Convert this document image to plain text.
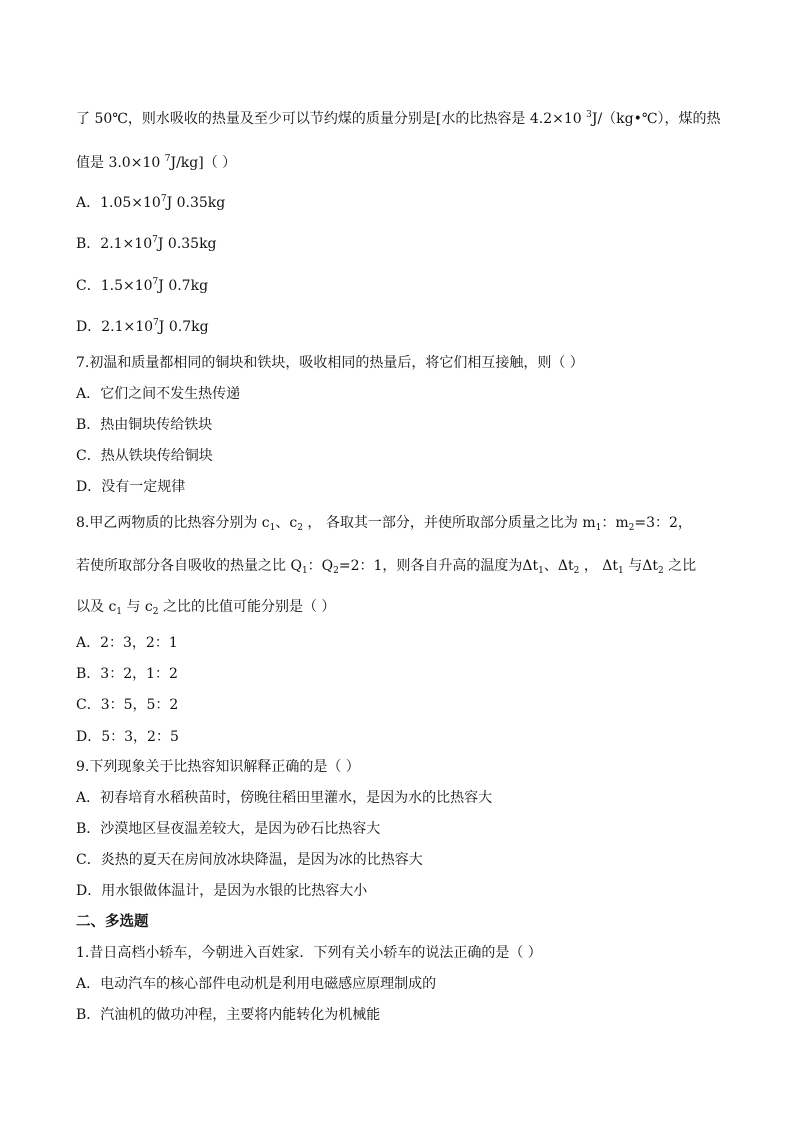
了 50℃，则水吸收的热量及至少可以节约煤的质量分别是[水的比热容是 4.2×10 $^3$J/（kg•℃），煤的热
值是 3.0×10 $^7$J/kg]（ ）
A．$1.05\times 10^7J$ 0.35kg
B．$2.1\times 10^7J$ 0.35kg
C．$1.5\times 10^7J$ 0.7kg
D．$2.1\times 10^7J$ 0.7kg
7.初温和质量都相同的铜块和铁块，吸收相同的热量后，将它们相互接触，则（ ）
A．它们之间不发生热传递
B．热由铜块传给铁块
C．热从铁块传给铜块
D．没有一定规律
8.甲乙两物质的比热容分别为 $c_1$、$c_2$ ， 各取其一部分，并使所取部分质量之比为 $m_1$：$m_2=3$：2，
若使所取部分各自吸收的热量之比 $Q_1$：$Q_2=2$：1，则各自升高的温度为$\Delta t_1$、$\Delta t_2$ ， $\Delta t_1$ 与$\Delta t_2$ 之比
以及 $c_1$ 与 $c_2$ 之比的比值可能分别是（ ）
A．2：3，2：1
B．3：2，1：2
C．3：5，5：2
D．5：3，2：5
9.下列现象关于比热容知识解释正确的是（ ）
A．初春培育水稻秧苗时，傍晚往稻田里灌水，是因为水的比热容大
B．沙漠地区昼夜温差较大，是因为砂石比热容大
C．炎热的夏天在房间放冰块降温，是因为冰的比热容大
D．用水银做体温计，是因为水银的比热容大小
二、多选题
1.昔日高档小轿车，今朝进入百姓家．下列有关小轿车的说法正确的是（ ）
A．电动汽车的核心部件电动机是利用电磁感应原理制成的
B．汽油机的做功冲程，主要将内能转化为机械能
